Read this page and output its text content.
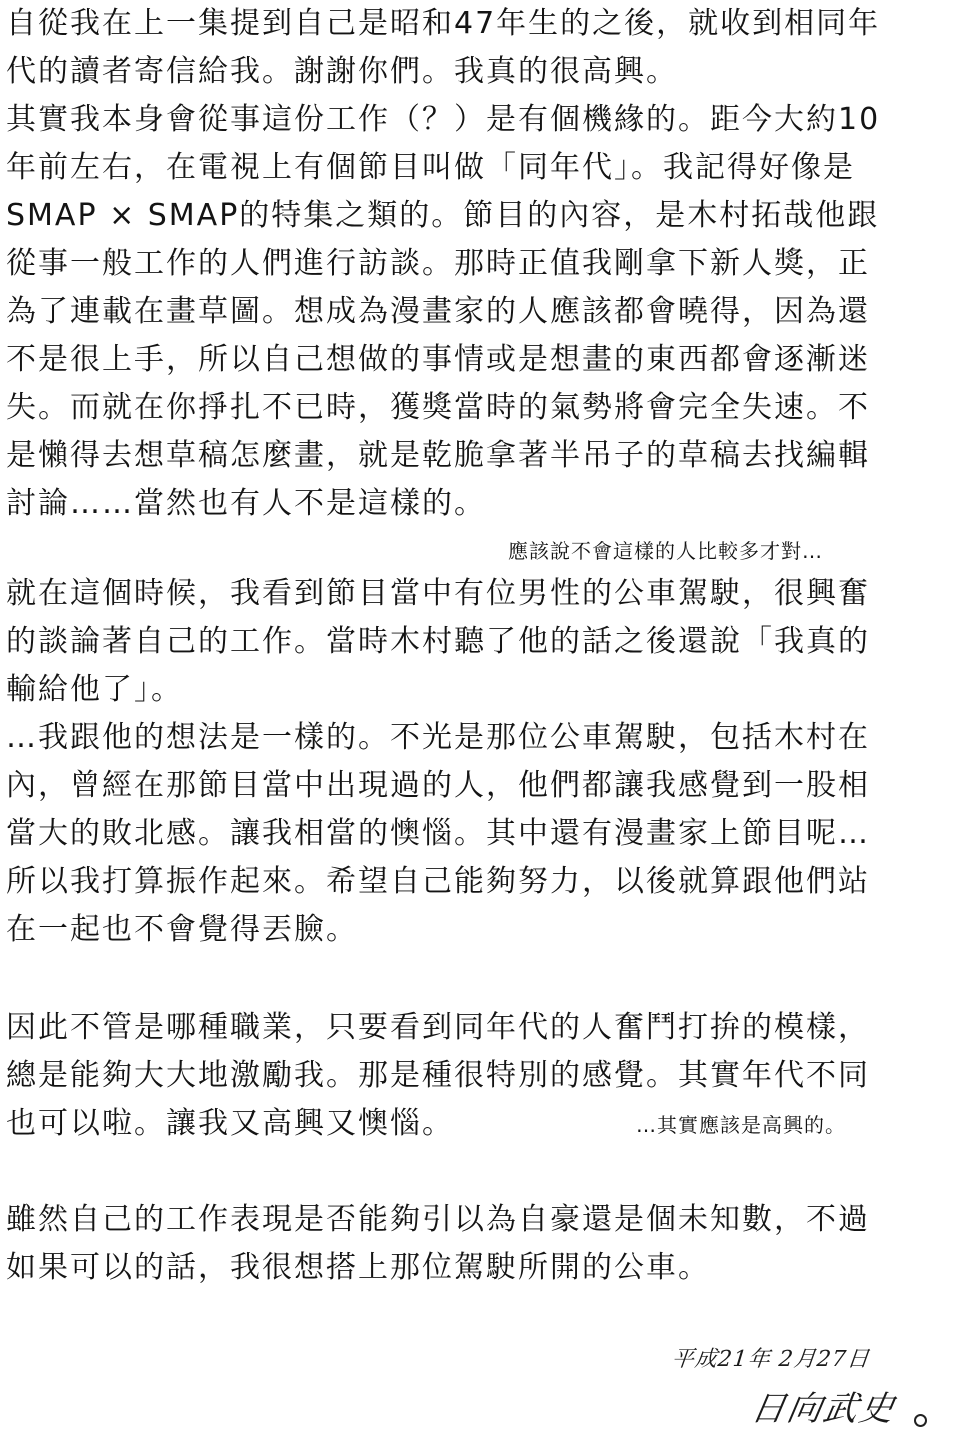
自從我在上一集提到自己是昭和47年生的之後，就收到相同年
代的讀者寄信給我。謝謝你們。我真的很高興。
其實我本身會從事這份工作（？）是有個機緣的。距今大約10
年前左右，在電視上有個節目叫做「同年代」。我記得好像是
SMAP × SMAP的特集之類的。節目的內容，是木村拓哉他跟
從事一般工作的人們進行訪談。那時正值我剛拿下新人獎，正
為了連載在畫草圖。想成為漫畫家的人應該都會曉得，因為還
不是很上手，所以自己想做的事情或是想畫的東西都會逐漸迷
失。而就在你掙扎不已時，獲獎當時的氣勢將會完全失速。不
是懶得去想草稿怎麼畫，就是乾脆拿著半吊子的草稿去找編輯
討論……當然也有人不是這樣的。
應該說不會這樣的人比較多才對…
就在這個時候，我看到節目當中有位男性的公車駕駛，很興奮
的談論著自己的工作。當時木村聽了他的話之後還說「我真的
輸給他了」。
…我跟他的想法是一樣的。不光是那位公車駕駛，包括木村在
內，曾經在那節目當中出現過的人，他們都讓我感覺到一股相
當大的敗北感。讓我相當的懊惱。其中還有漫畫家上節目呢…
所以我打算振作起來。希望自己能夠努力，以後就算跟他們站
在一起也不會覺得丟臉。
因此不管是哪種職業，只要看到同年代的人奮鬥打拚的模樣，
總是能夠大大地激勵我。那是種很特別的感覺。其實年代不同
也可以啦。讓我又高興又懊惱。	…其實應該是高興的。
雖然自己的工作表現是否能夠引以為自豪還是個未知數，不過
如果可以的話，我很想搭上那位駕駛所開的公車。
平成21年 2月27日
日向武史
